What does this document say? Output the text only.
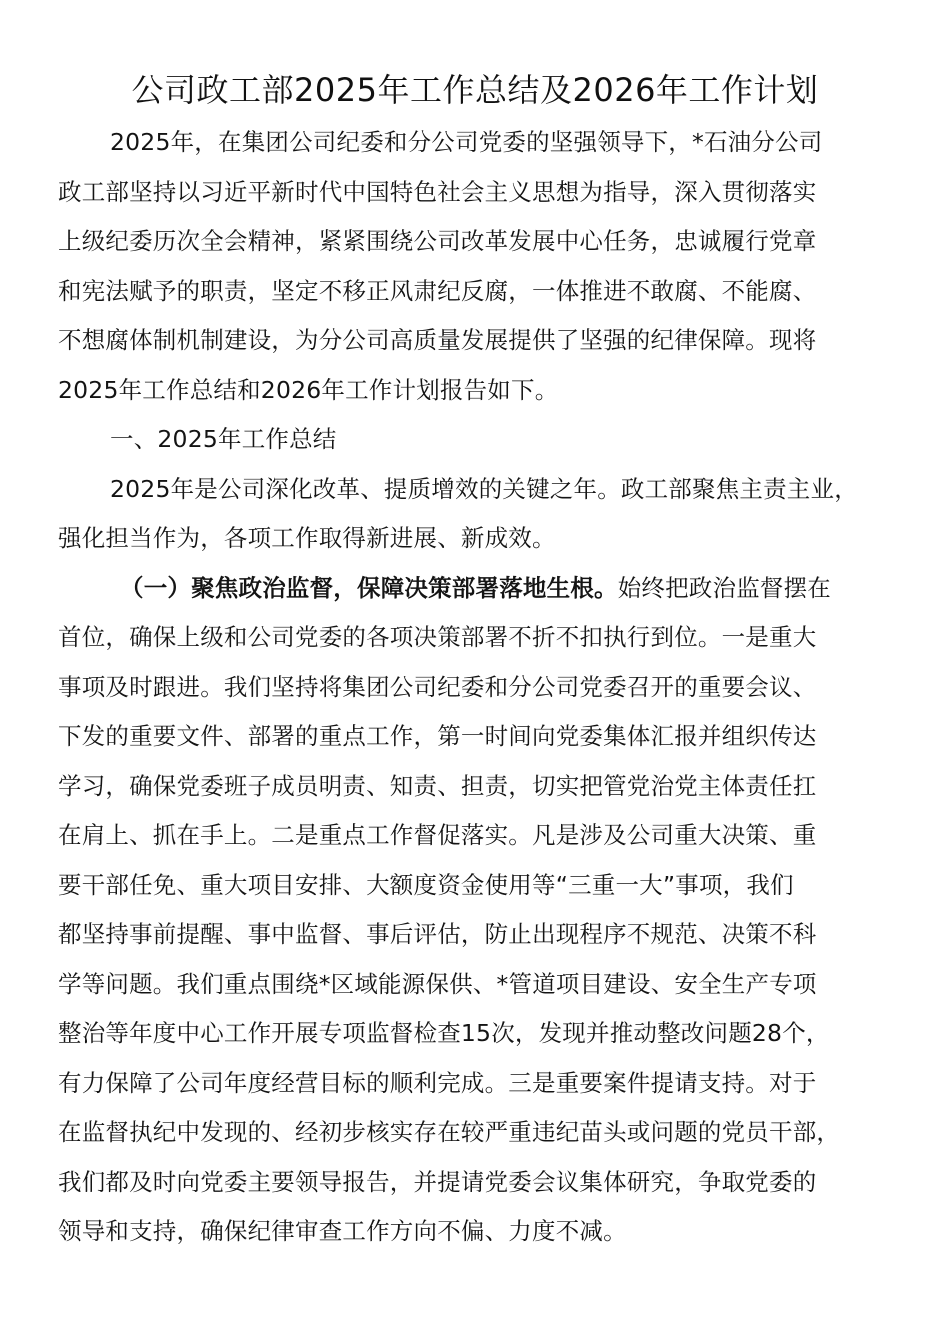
公司政工部2025年工作总结及2026年工作计划
2025年，在集团公司纪委和分公司党委的坚强领导下，*石油分公司
政工部坚持以习近平新时代中国特色社会主义思想为指导，深入贯彻落实
上级纪委历次全会精神，紧紧围绕公司改革发展中心任务，忠诚履行党章
和宪法赋予的职责，坚定不移正风肃纪反腐，一体推进不敢腐、不能腐、
不想腐体制机制建设，为分公司高质量发展提供了坚强的纪律保障。现将
2025年工作总结和2026年工作计划报告如下。
一、2025年工作总结
2025年是公司深化改革、提质增效的关键之年。政工部聚焦主责主业，
强化担当作为，各项工作取得新进展、新成效。
（一）聚焦政治监督，保障决策部署落地生根。始终把政治监督摆在
首位，确保上级和公司党委的各项决策部署不折不扣执行到位。一是重大
事项及时跟进。我们坚持将集团公司纪委和分公司党委召开的重要会议、
下发的重要文件、部署的重点工作，第一时间向党委集体汇报并组织传达
学习，确保党委班子成员明责、知责、担责，切实把管党治党主体责任扛
在肩上、抓在手上。二是重点工作督促落实。凡是涉及公司重大决策、重
要干部任免、重大项目安排、大额度资金使用等“三重一大”事项，我们
都坚持事前提醒、事中监督、事后评估，防止出现程序不规范、决策不科
学等问题。我们重点围绕*区域能源保供、*管道项目建设、安全生产专项
整治等年度中心工作开展专项监督检查15次，发现并推动整改问题28个，
有力保障了公司年度经营目标的顺利完成。三是重要案件提请支持。对于
在监督执纪中发现的、经初步核实存在较严重违纪苗头或问题的党员干部，
我们都及时向党委主要领导报告，并提请党委会议集体研究，争取党委的
领导和支持，确保纪律审查工作方向不偏、力度不减。
